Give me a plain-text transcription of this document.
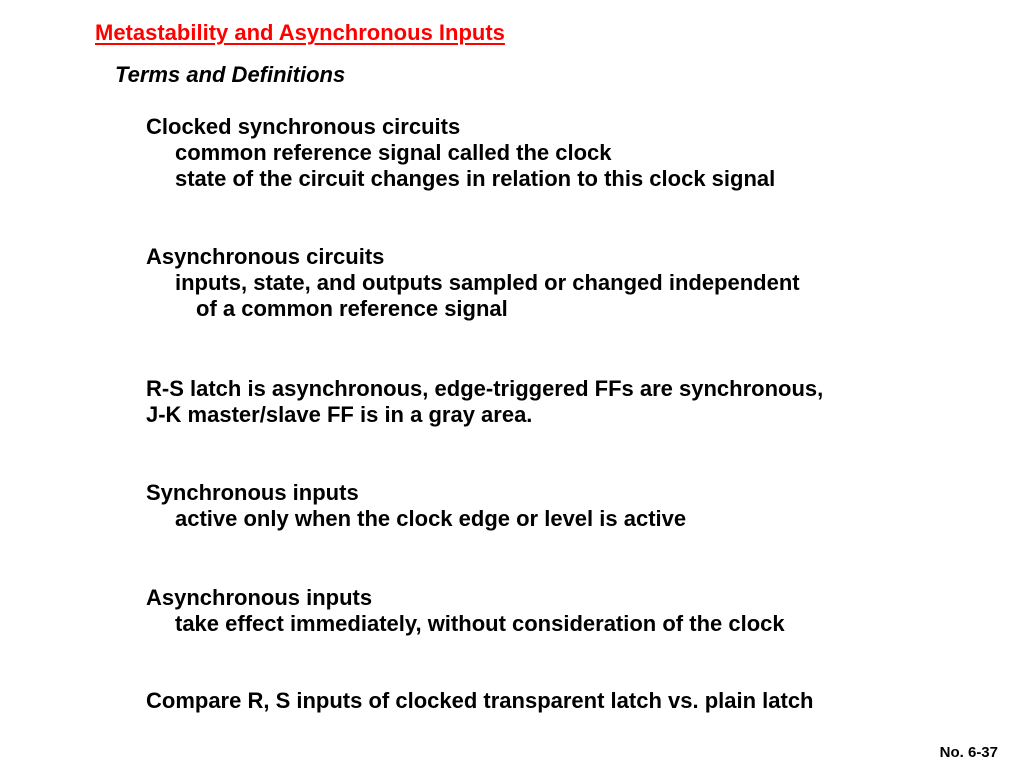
Metastability and Asynchronous Inputs
Terms and Definitions
Clocked synchronous circuits
common reference signal called the clock
state of the circuit changes in relation to this clock signal
Asynchronous circuits
inputs, state, and outputs sampled or changed independent
of a common reference signal
R-S latch is asynchronous, edge-triggered FFs are synchronous,
J-K master/slave FF is in a gray area.
Synchronous inputs
active only when the clock edge or level is active
Asynchronous inputs
take effect immediately, without consideration of the clock
Compare R, S inputs of clocked transparent latch vs. plain latch
No. 6-37
